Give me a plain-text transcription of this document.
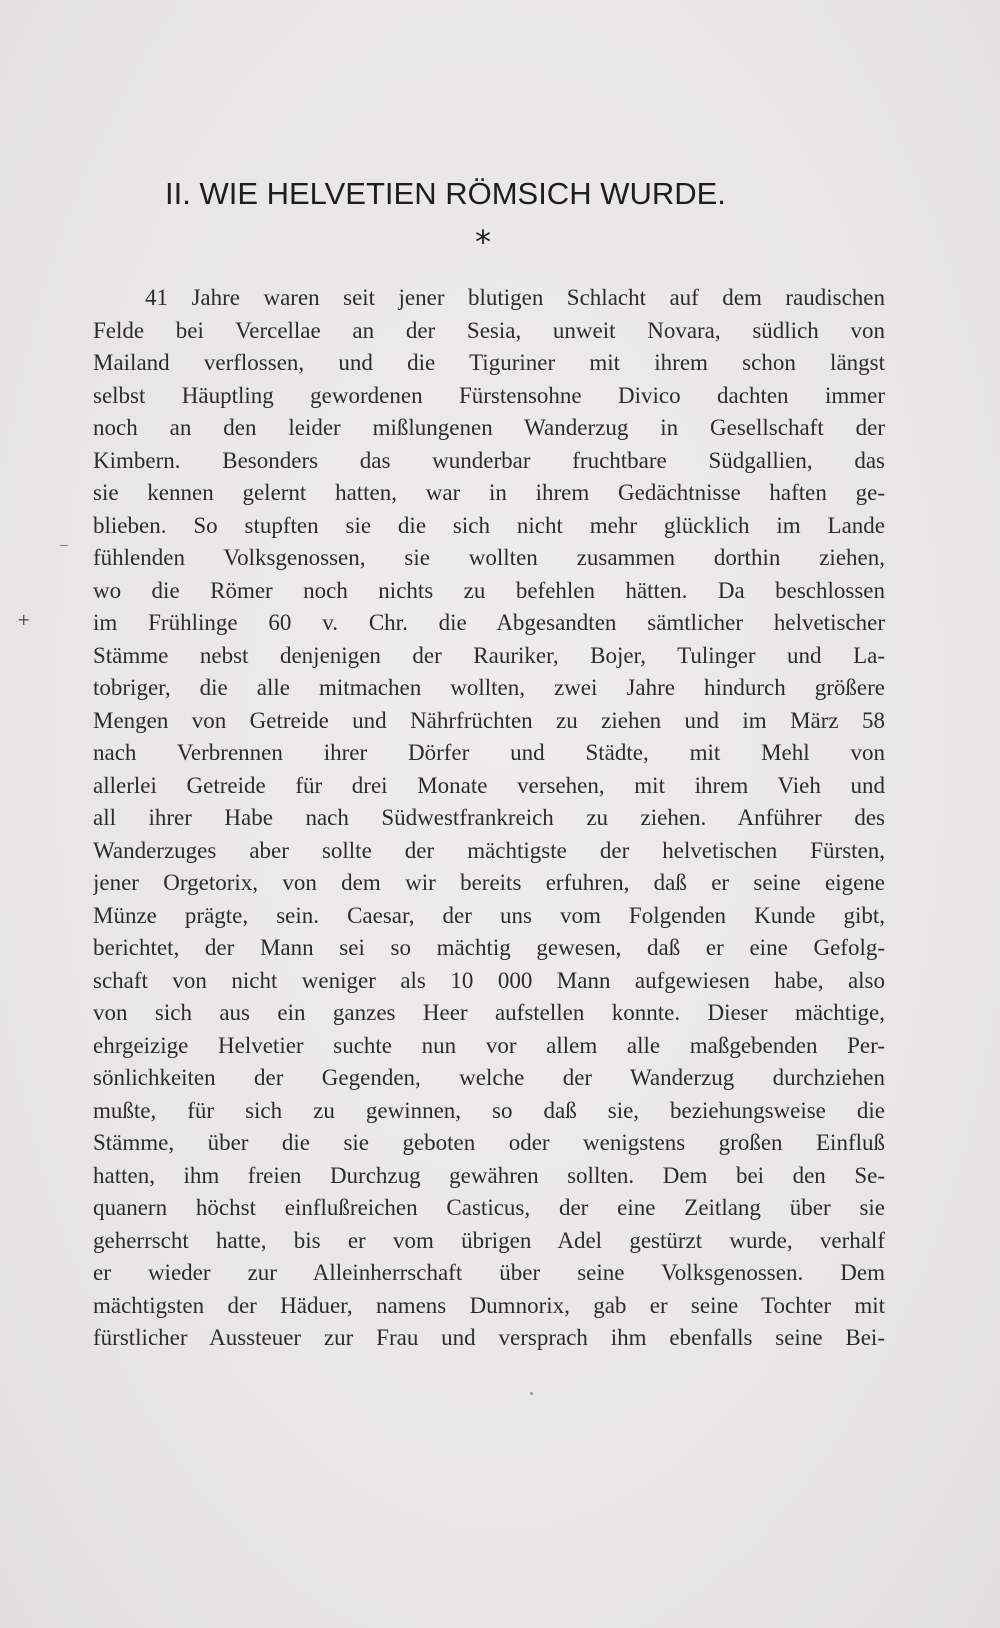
II. WIE HELVETIEN RÖMSICH WURDE.
*
+
41 Jahre waren seit jener blutigen Schlacht auf dem raudischen
Felde bei Vercellae an der Sesia, unweit Novara, südlich von
Mailand verflossen, und die Tiguriner mit ihrem schon längst
selbst Häuptling gewordenen Fürstensohne Divico dachten immer
noch an den leider mißlungenen Wanderzug in Gesellschaft der
Kimbern. Besonders das wunderbar fruchtbare Südgallien, das
sie kennen gelernt hatten, war in ihrem Gedächtnisse haften ge-
blieben. So stupften sie die sich nicht mehr glücklich im Lande
fühlenden Volksgenossen, sie wollten zusammen dorthin ziehen,
wo die Römer noch nichts zu befehlen hätten. Da beschlossen
im Frühlinge 60 v. Chr. die Abgesandten sämtlicher helvetischer
Stämme nebst denjenigen der Rauriker, Bojer, Tulinger und La-
tobriger, die alle mitmachen wollten, zwei Jahre hindurch größere
Mengen von Getreide und Nährfrüchten zu ziehen und im März 58
nach Verbrennen ihrer Dörfer und Städte, mit Mehl von
allerlei Getreide für drei Monate versehen, mit ihrem Vieh und
all ihrer Habe nach Südwestfrankreich zu ziehen. Anführer des
Wanderzuges aber sollte der mächtigste der helvetischen Fürsten,
jener Orgetorix, von dem wir bereits erfuhren, daß er seine eigene
Münze prägte, sein. Caesar, der uns vom Folgenden Kunde gibt,
berichtet, der Mann sei so mächtig gewesen, daß er eine Gefolg-
schaft von nicht weniger als 10 000 Mann aufgewiesen habe, also
von sich aus ein ganzes Heer aufstellen konnte. Dieser mächtige,
ehrgeizige Helvetier suchte nun vor allem alle maßgebenden Per-
sönlichkeiten der Gegenden, welche der Wanderzug durchziehen
mußte, für sich zu gewinnen, so daß sie, beziehungsweise die
Stämme, über die sie geboten oder wenigstens großen Einfluß
hatten, ihm freien Durchzug gewähren sollten. Dem bei den Se-
quanern höchst einflußreichen Casticus, der eine Zeitlang über sie
geherrscht hatte, bis er vom übrigen Adel gestürzt wurde, verhalf
er wieder zur Alleinherrschaft über seine Volksgenossen. Dem
mächtigsten der Häduer, namens Dumnorix, gab er seine Tochter mit
fürstlicher Aussteuer zur Frau und versprach ihm ebenfalls seine Bei-
